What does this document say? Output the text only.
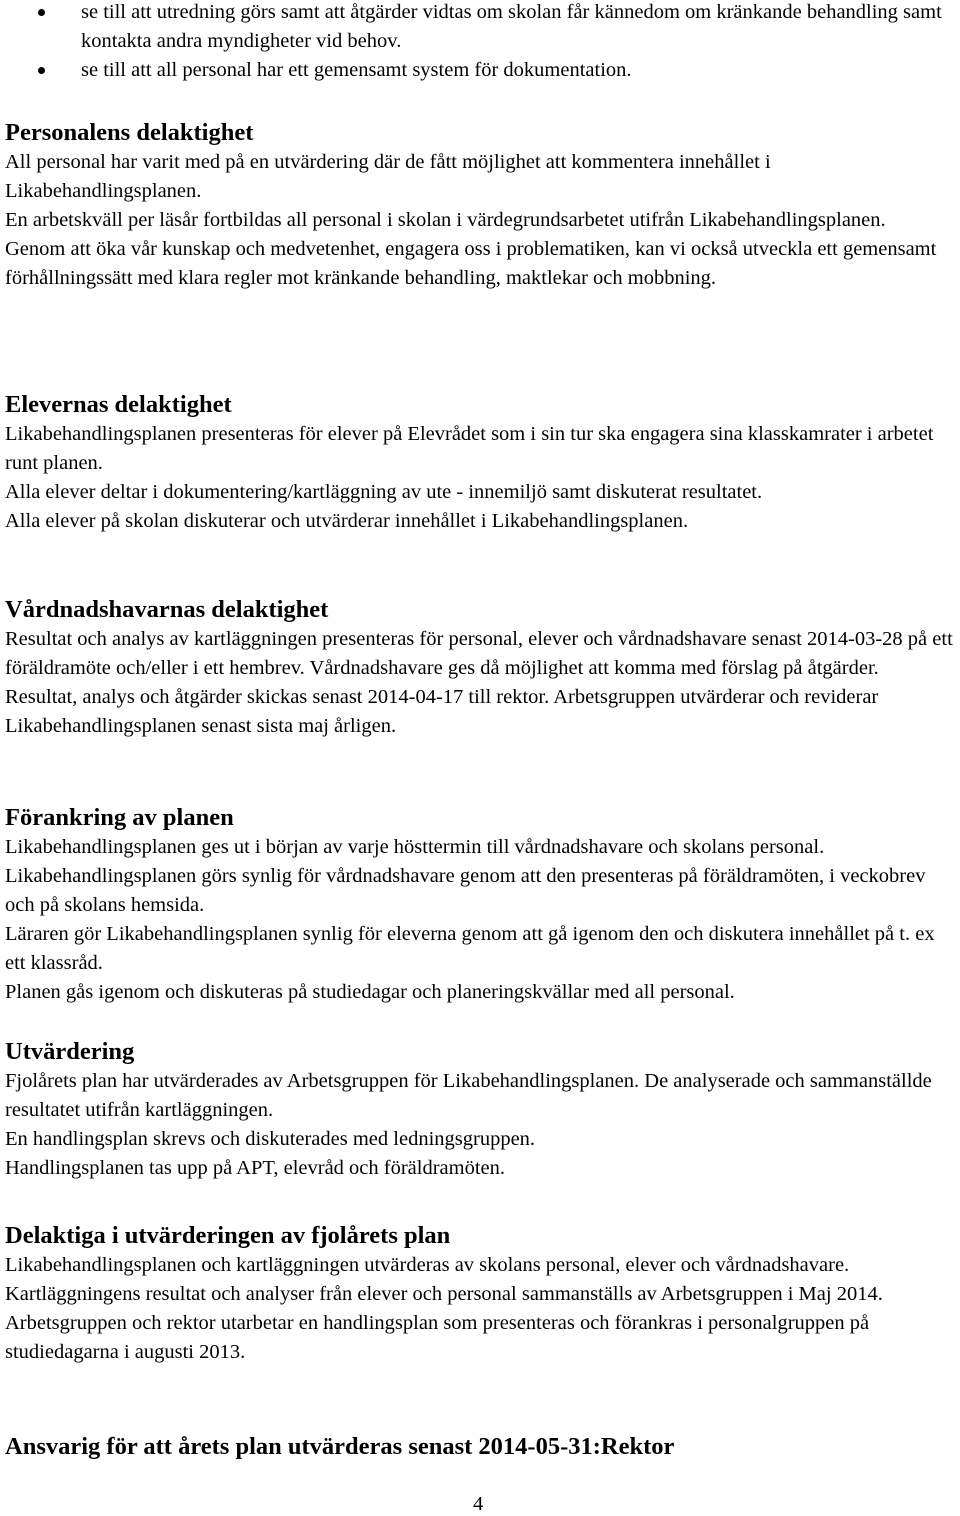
se till att utredning görs samt att åtgärder vidtas om skolan får kännedom om kränkande behandling samt kontakta andra myndigheter vid behov.
se till att all personal har ett gemensamt system för dokumentation.
Personalens delaktighet

All personal har varit med på en utvärdering där de fått möjlighet att kommentera innehållet i Likabehandlingsplanen.

En arbetskväll per läsår fortbildas all personal i skolan i värdegrundsarbetet utifrån Likabehandlingsplanen.

Genom att öka vår kunskap och medvetenhet, engagera oss i problematiken, kan vi också utveckla ett gemensamt förhållningssätt med klara regler mot kränkande behandling, maktlekar och mobbning.

Elevernas delaktighet

Likabehandlingsplanen presenteras för elever på Elevrådet som i sin tur ska engagera sina klasskamrater i arbetet runt planen.

Alla elever deltar i dokumentering/kartläggning av ute - innemiljö samt diskuterat resultatet.

Alla elever på skolan diskuterar och utvärderar innehållet i Likabehandlingsplanen.

Vårdnadshavarnas delaktighet

Resultat och analys av kartläggningen presenteras för personal, elever och vårdnadshavare senast 2014-03-28 på ett föräldramöte och/eller i ett hembrev. Vårdnadshavare ges då möjlighet att komma med förslag på åtgärder.

Resultat, analys och åtgärder skickas senast 2014-04-17 till rektor. Arbetsgruppen utvärderar och reviderar Likabehandlingsplanen senast sista maj årligen.

Förankring av planen

Likabehandlingsplanen ges ut i början av varje hösttermin till vårdnadshavare och skolans personal. Likabehandlingsplanen görs synlig för vårdnadshavare genom att den presenteras på föräldramöten, i veckobrev och på skolans hemsida.

Läraren gör Likabehandlingsplanen synlig för eleverna genom att gå igenom den och diskutera innehållet på t. ex ett klassråd.

Planen gås igenom och diskuteras på studiedagar och planeringskvällar med all personal.

Utvärdering

Fjolårets plan har utvärderades av Arbetsgruppen för Likabehandlingsplanen. De analyserade och sammanställde resultatet utifrån kartläggningen.

En handlingsplan skrevs och diskuterades med ledningsgruppen.

Handlingsplanen tas upp på APT, elevråd och föräldramöten.

Delaktiga i utvärderingen av fjolårets plan

Likabehandlingsplanen och kartläggningen utvärderas av skolans personal, elever och vårdnadshavare. Kartläggningens resultat och analyser från elever och personal sammanställs av Arbetsgruppen i Maj 2014.

Arbetsgruppen och rektor utarbetar en handlingsplan som presenteras och förankras i personalgruppen på studiedagarna i augusti 2013.

Ansvarig för att årets plan utvärderas senast 2014-05-31:Rektor
4
